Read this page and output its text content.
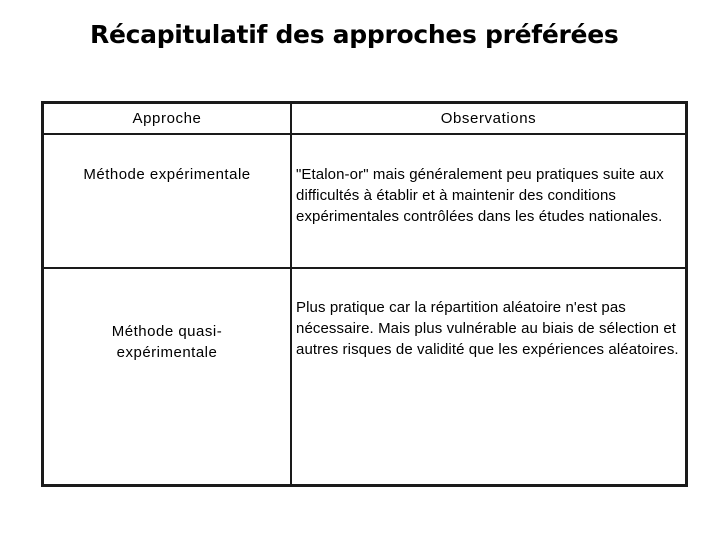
Récapitulatif des approches préférées
Approche	Observations
Méthode expérimentale	"Etalon-or" mais généralement peu pratiques suite aux difficultés à établir et à maintenir des conditions expérimentales contrôlées dans les études nationales.
Méthode quasi-expérimentale
Plus pratique car la répartition aléatoire n'est pas nécessaire. Mais plus vulnérable au biais de sélection et autres risques de validité que les expériences aléatoires.
